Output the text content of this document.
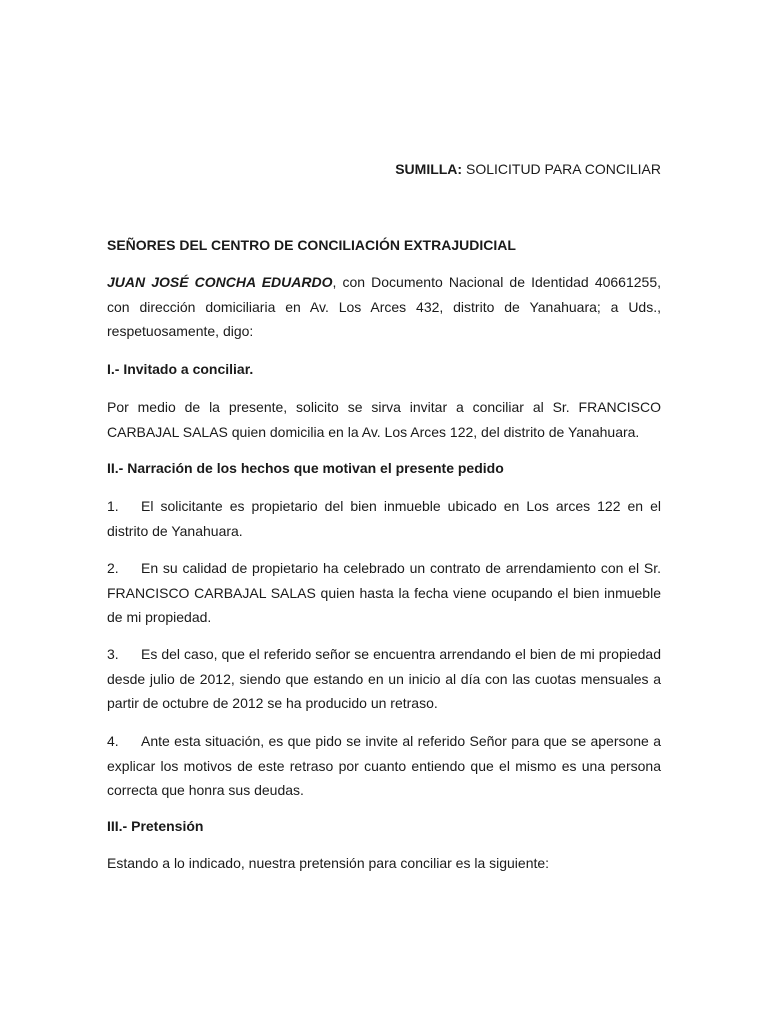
SUMILLA: SOLICITUD PARA CONCILIAR
SEÑORES DEL CENTRO DE CONCILIACIÓN EXTRAJUDICIAL
JUAN JOSÉ CONCHA EDUARDO, con Documento Nacional de Identidad 40661255, con dirección domiciliaria en Av. Los Arces 432, distrito de Yanahuara; a Uds., respetuosamente, digo:
I.- Invitado a conciliar.
Por medio de la presente, solicito se sirva invitar a conciliar al Sr. FRANCISCO CARBAJAL SALAS quien domicilia en la Av. Los Arces 122, del distrito de Yanahuara.
II.- Narración de los hechos que motivan el presente pedido
1. El solicitante es propietario del bien inmueble ubicado en Los arces 122 en el distrito de Yanahuara.
2. En su calidad de propietario ha celebrado un contrato de arrendamiento con el Sr. FRANCISCO CARBAJAL SALAS quien hasta la fecha viene ocupando el bien inmueble de mi propiedad.
3. Es del caso, que el referido señor se encuentra arrendando el bien de mi propiedad desde julio de 2012, siendo que estando en un inicio al día con las cuotas mensuales a partir de octubre de 2012 se ha producido un retraso.
4. Ante esta situación, es que pido se invite al referido Señor para que se apersone a explicar los motivos de este retraso por cuanto entiendo que el mismo es una persona correcta que honra sus deudas.
III.- Pretensión
Estando a lo indicado, nuestra pretensión para conciliar es la siguiente:
